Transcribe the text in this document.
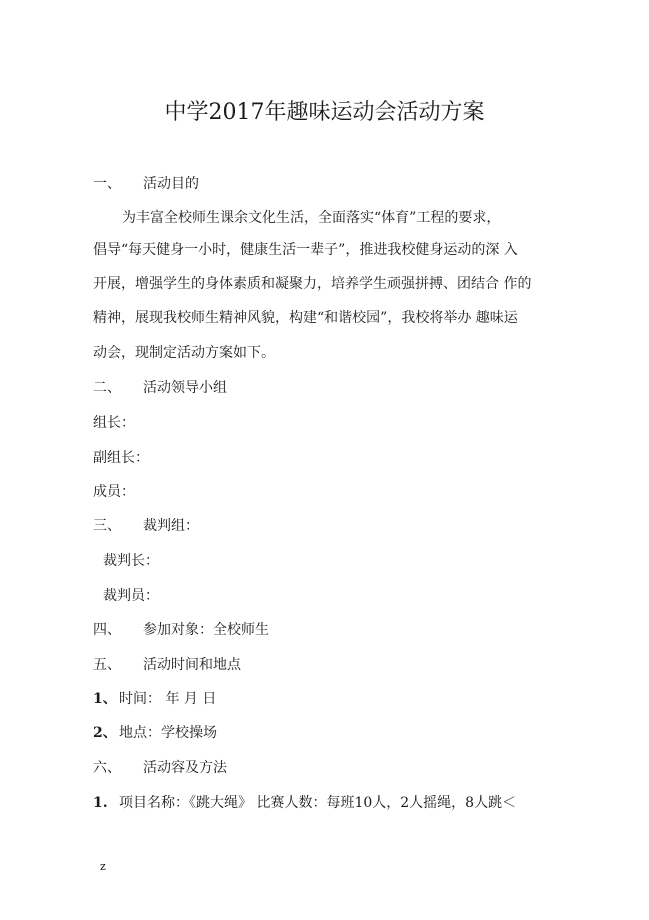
中学2017年趣味运动会活动方案
一、 活动目的
为丰富全校师生课余文化生活，全面落实“体育”工程的要求，
倡导“每天健身一小时，健康生活一辈子”，推进我校健身运动的深 入
开展，增强学生的身体素质和凝聚力，培养学生顽强拼搏、团结合 作的
精神，展现我校师生精神风貌，构建“和谐校园”，我校将举办 趣味运
动会，现制定活动方案如下。
二、 活动领导小组
组长：
副组长：
成员：
三、 裁判组：
裁判长：
裁判员：
四、 参加对象：全校师生
五、 活动时间和地点
1、 时间： 年 月 日
2、 地点：学校操场
六、 活动容及方法
1. 项目名称：《跳大绳》 比赛人数：每班10人，2人摇绳，8人跳＜
z
